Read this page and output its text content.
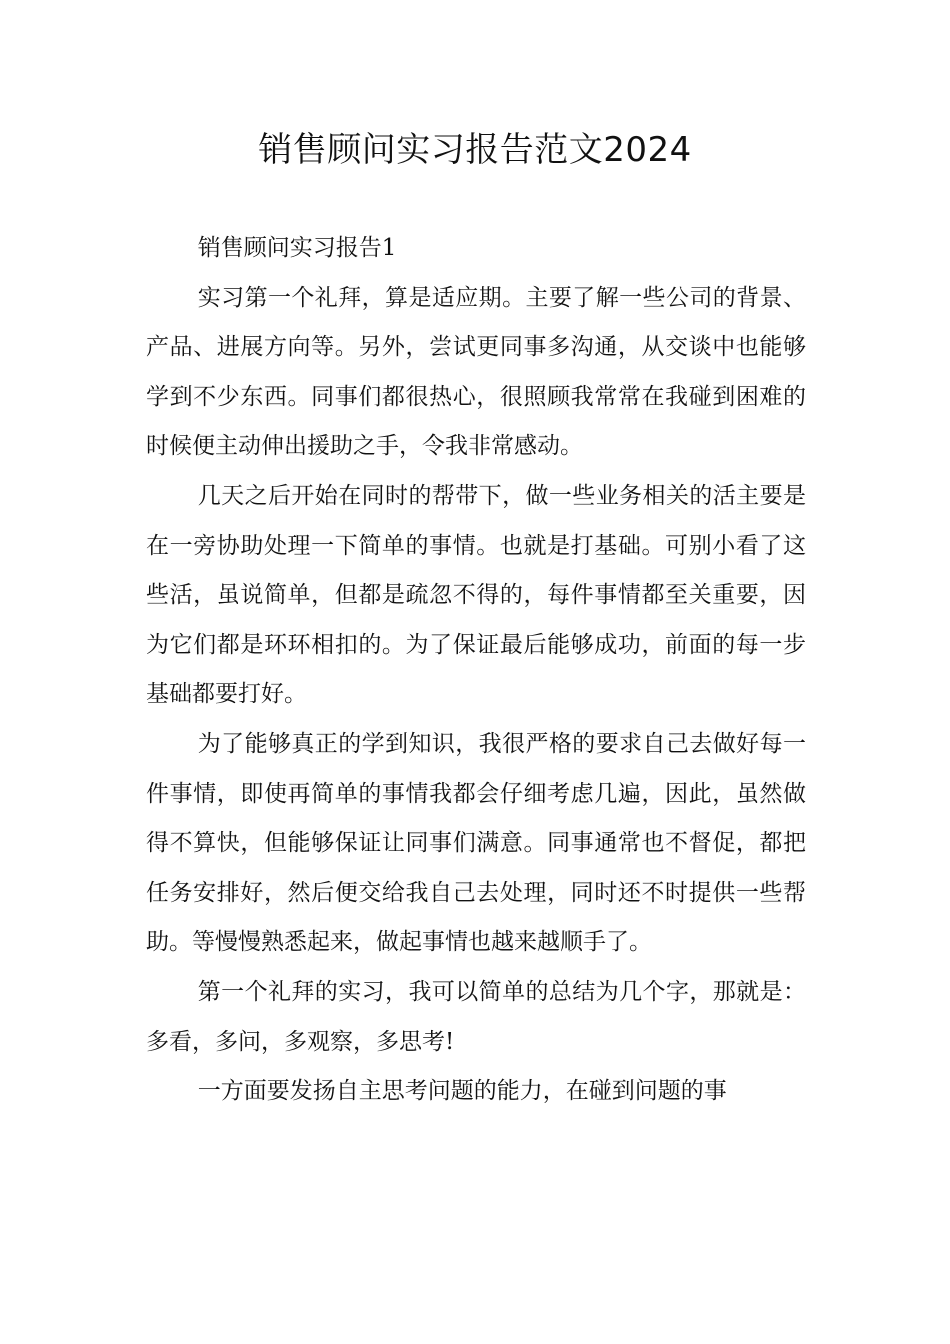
销售顾问实习报告范文2024

销售顾问实习报告1

实习第一个礼拜，算是适应期。主要了解一些公司的背景、产品、进展方向等。另外，尝试更同事多沟通，从交谈中也能够学到不少东西。同事们都很热心，很照顾我常常在我碰到困难的时候便主动伸出援助之手，令我非常感动。

几天之后开始在同时的帮带下，做一些业务相关的活主要是在一旁协助处理一下简单的事情。也就是打基础。可别小看了这些活，虽说简单，但都是疏忽不得的，每件事情都至关重要，因为它们都是环环相扣的。为了保证最后能够成功，前面的每一步基础都要打好。

为了能够真正的学到知识，我很严格的要求自己去做好每一件事情，即使再简单的事情我都会仔细考虑几遍，因此，虽然做得不算快，但能够保证让同事们满意。同事通常也不督促，都把任务安排好，然后便交给我自己去处理，同时还不时提供一些帮助。等慢慢熟悉起来，做起事情也越来越顺手了。

第一个礼拜的实习，我可以简单的总结为几个字，那就是：多看，多问，多观察，多思考!

一方面要发扬自主思考问题的能力，在碰到问题的事
